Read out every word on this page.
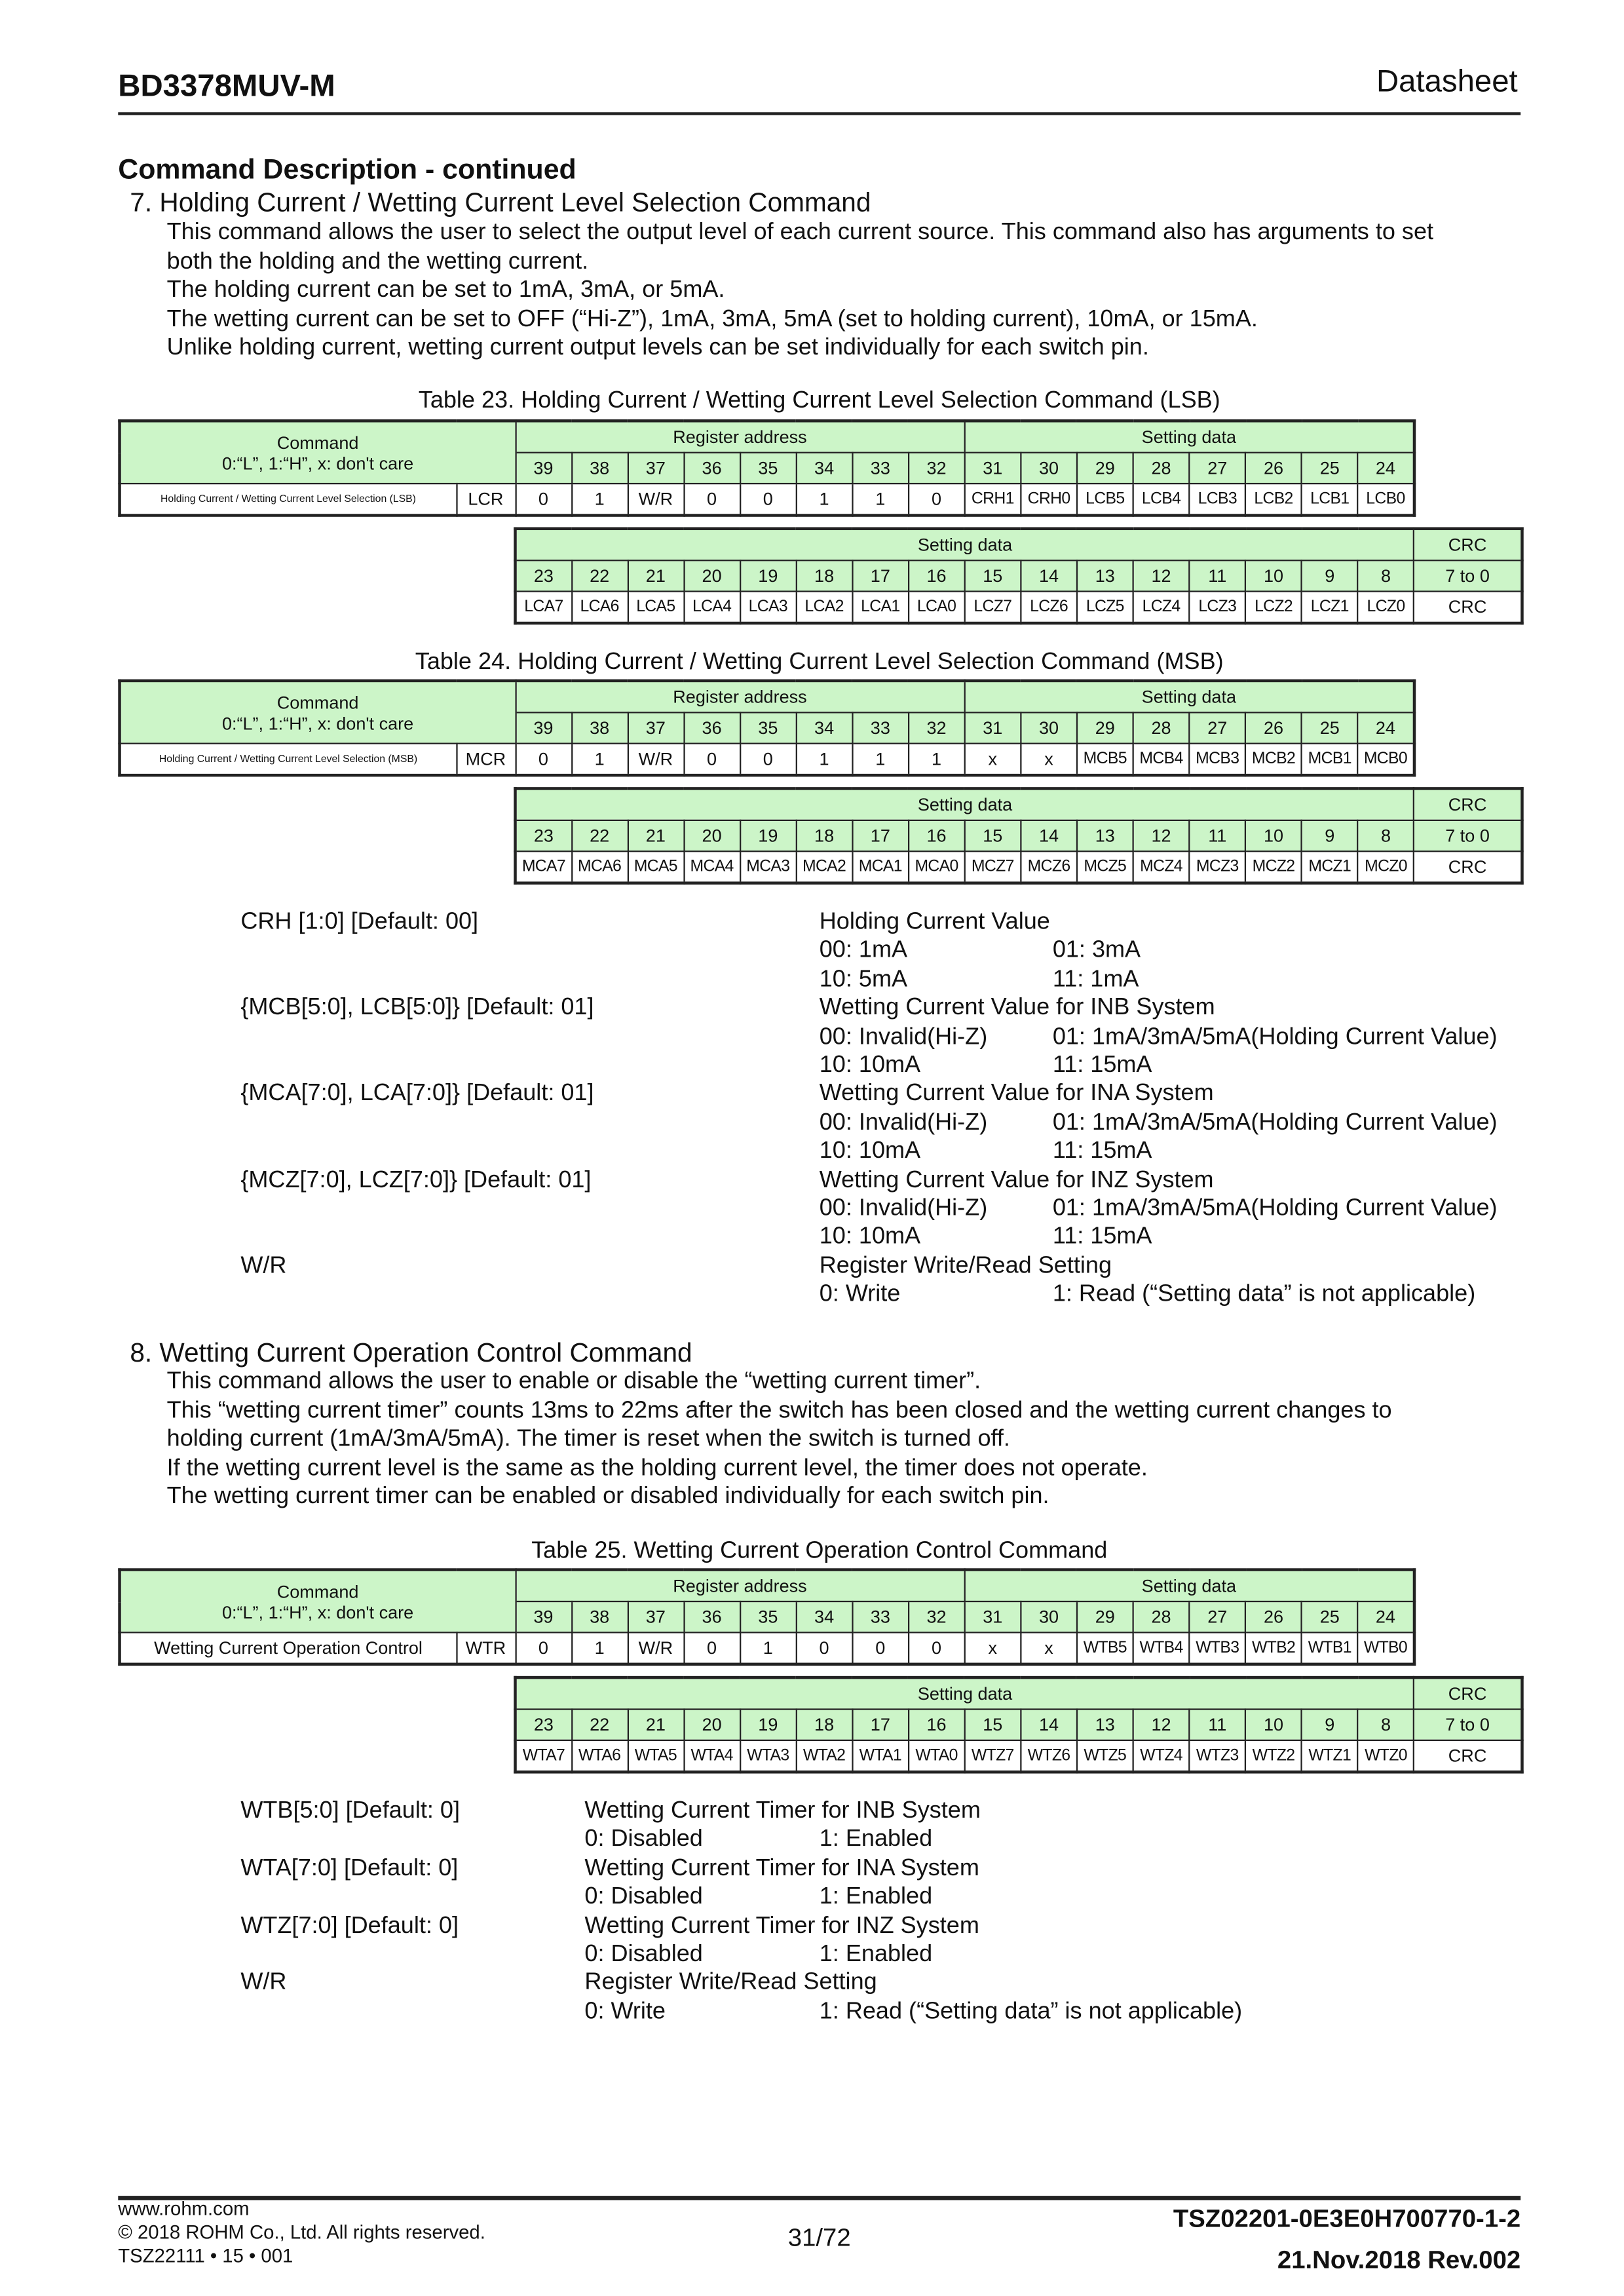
BD3378MUV-M	Datasheet
Command Description - continued
7. Holding Current / Wetting Current Level Selection Command
This command allows the user to select the output level of each current source. This command also has arguments to set
both the holding and the wetting current.
The holding current can be set to 1mA, 3mA, or 5mA.
The wetting current can be set to OFF (“Hi-Z”), 1mA, 3mA, 5mA (set to holding current), 10mA, or 15mA.
Unlike holding current, wetting current output levels can be set individually for each switch pin.
Table 23. Holding Current / Wetting Current Level Selection Command (LSB)
Command
0:“L”, 1:“H”, x: don't care		Register address								Setting data							
		39	38	37	36	35	34	33	32	31	30	29	28	27	26	25	24
Holding Current / Wetting Current Level Selection (LSB)	LCR	0	1	W/R	0	0	1	1	0	CRH1	CRH0	LCB5	LCB4	LCB3	LCB2	LCB1	LCB0
Setting data																CRC
23	22	21	20	19	18	17	16	15	14	13	12	11	10	9	8	7 to 0
LCA7	LCA6	LCA5	LCA4	LCA3	LCA2	LCA1	LCA0	LCZ7	LCZ6	LCZ5	LCZ4	LCZ3	LCZ2	LCZ1	LCZ0	CRC
Table 24. Holding Current / Wetting Current Level Selection Command (MSB)
Command
0:“L”, 1:“H”, x: don't care		Register address								Setting data							
		39	38	37	36	35	34	33	32	31	30	29	28	27	26	25	24
Holding Current / Wetting Current Level Selection (MSB)	MCR	0	1	W/R	0	0	1	1	1	x	x	MCB5	MCB4	MCB3	MCB2	MCB1	MCB0
Setting data																CRC
23	22	21	20	19	18	17	16	15	14	13	12	11	10	9	8	7 to 0
MCA7	MCA6	MCA5	MCA4	MCA3	MCA2	MCA1	MCA0	MCZ7	MCZ6	MCZ5	MCZ4	MCZ3	MCZ2	MCZ1	MCZ0	CRC
CRH [1:0] [Default: 00]	Holding Current Value
00: 1mA	01: 3mA
10: 5mA	11: 1mA
{MCB[5:0], LCB[5:0]} [Default: 01]	Wetting Current Value for INB System
00: Invalid(Hi-Z)	01: 1mA/3mA/5mA(Holding Current Value)
10: 10mA	11: 15mA
{MCA[7:0], LCA[7:0]} [Default: 01]	Wetting Current Value for INA System
00: Invalid(Hi-Z)	01: 1mA/3mA/5mA(Holding Current Value)
10: 10mA	11: 15mA
{MCZ[7:0], LCZ[7:0]} [Default: 01]	Wetting Current Value for INZ System
00: Invalid(Hi-Z)	01: 1mA/3mA/5mA(Holding Current Value)
10: 10mA	11: 15mA
W/R	Register Write/Read Setting
0: Write	1: Read (“Setting data” is not applicable)
8. Wetting Current Operation Control Command
This command allows the user to enable or disable the “wetting current timer”.
This “wetting current timer” counts 13ms to 22ms after the switch has been closed and the wetting current changes to
holding current (1mA/3mA/5mA). The timer is reset when the switch is turned off.
If the wetting current level is the same as the holding current level, the timer does not operate.
The wetting current timer can be enabled or disabled individually for each switch pin.
Table 25. Wetting Current Operation Control Command
Command
0:“L”, 1:“H”, x: don't care		Register address								Setting data							
		39	38	37	36	35	34	33	32	31	30	29	28	27	26	25	24
Wetting Current Operation Control	WTR	0	1	W/R	0	1	0	0	0	x	x	WTB5	WTB4	WTB3	WTB2	WTB1	WTB0
Setting data																CRC
23	22	21	20	19	18	17	16	15	14	13	12	11	10	9	8	7 to 0
WTA7	WTA6	WTA5	WTA4	WTA3	WTA2	WTA1	WTA0	WTZ7	WTZ6	WTZ5	WTZ4	WTZ3	WTZ2	WTZ1	WTZ0	CRC
WTB[5:0] [Default: 0]	Wetting Current Timer for INB System
0: Disabled	1: Enabled
WTA[7:0] [Default: 0]	Wetting Current Timer for INA System
0: Disabled	1: Enabled
WTZ[7:0] [Default: 0]	Wetting Current Timer for INZ System
0: Disabled	1: Enabled
W/R	Register Write/Read Setting
0: Write	1: Read (“Setting data” is not applicable)
www.rohm.com
© 2018 ROHM Co., Ltd. All rights reserved.
TSZ22111 • 15 • 001
31/72
TSZ02201-0E3E0H700770-1-2
21.Nov.2018 Rev.002
